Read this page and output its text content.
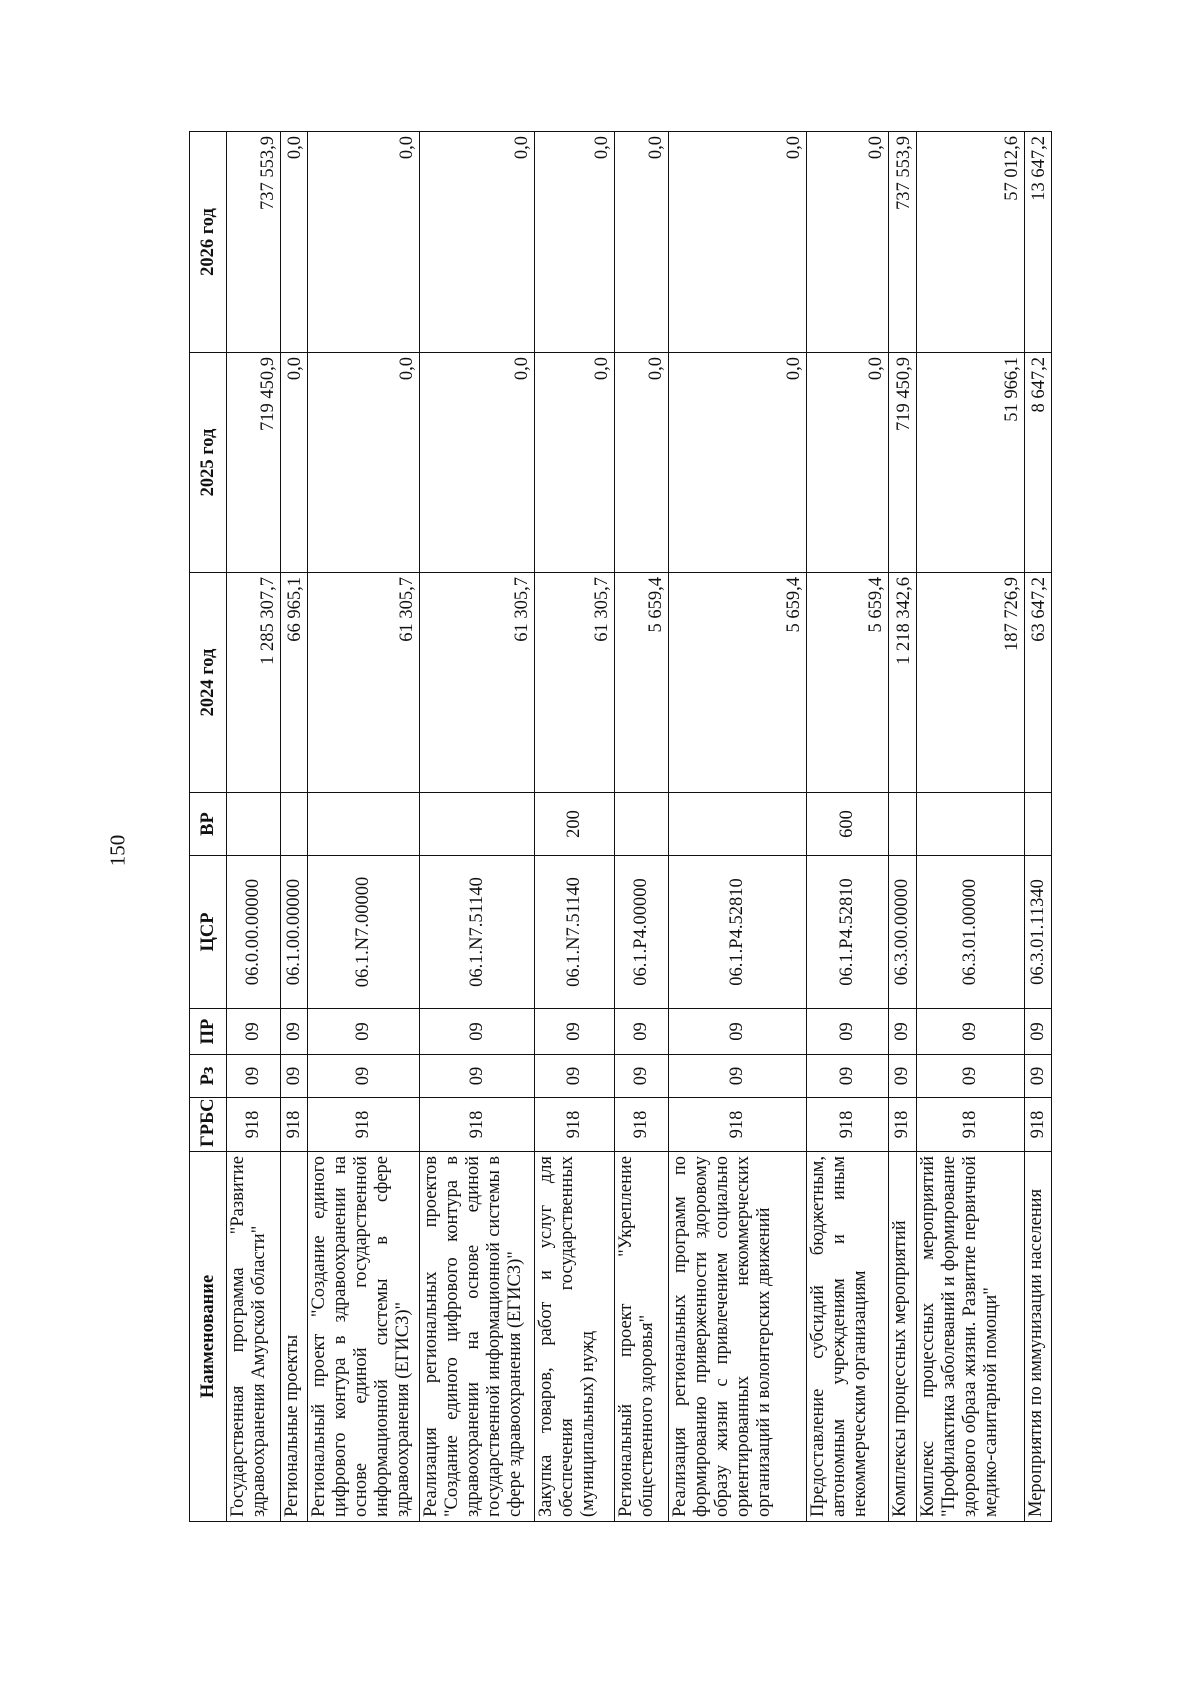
150
Наименование	ГРБС	Рз	ПР	ЦСР	ВР	2024 год	2025 год	2026 год
Государственная программа "Развитие здравоохранения Амурской области"	918	09	09	06.0.00.00000		1 285 307,7	719 450,9	737 553,9
Региональные проекты	918	09	09	06.1.00.00000		66 965,1	0,0	0,0
Региональный проект "Создание единого цифрового контура в здравоохранении на основе единой государственной информационной системы в сфере здравоохранения (ЕГИСЗ)"	918	09	09	06.1.N7.00000		61 305,7	0,0	0,0
Реализация региональных проектов "Создание единого цифрового контура в здравоохранении на основе единой государственной информационной системы в сфере здравоохранения (ЕГИСЗ)"	918	09	09	06.1.N7.51140		61 305,7	0,0	0,0
Закупка товаров, работ и услуг для обеспечения государственных (муниципальных) нужд	918	09	09	06.1.N7.51140	200	61 305,7	0,0	0,0
Региональный проект "Укрепление общественного здоровья"	918	09	09	06.1.P4.00000		5 659,4	0,0	0,0
Реализация региональных программ по формированию приверженности здоровому образу жизни с привлечением социально ориентированных некоммерческих организаций и волонтерских движений	918	09	09	06.1.P4.52810		5 659,4	0,0	0,0
Предоставление субсидий бюджетным, автономным учреждениям и иным некоммерческим организациям	918	09	09	06.1.P4.52810	600	5 659,4	0,0	0,0
Комплексы процессных мероприятий	918	09	09	06.3.00.00000		1 218 342,6	719 450,9	737 553,9
Комплекс процессных мероприятий "Профилактика заболеваний и формирование здорового образа жизни. Развитие первичной медико-санитарной помощи"	918	09	09	06.3.01.00000		187 726,9	51 966,1	57 012,6
Мероприятия по иммунизации населения	918	09	09	06.3.01.11340		63 647,2	8 647,2	13 647,2
